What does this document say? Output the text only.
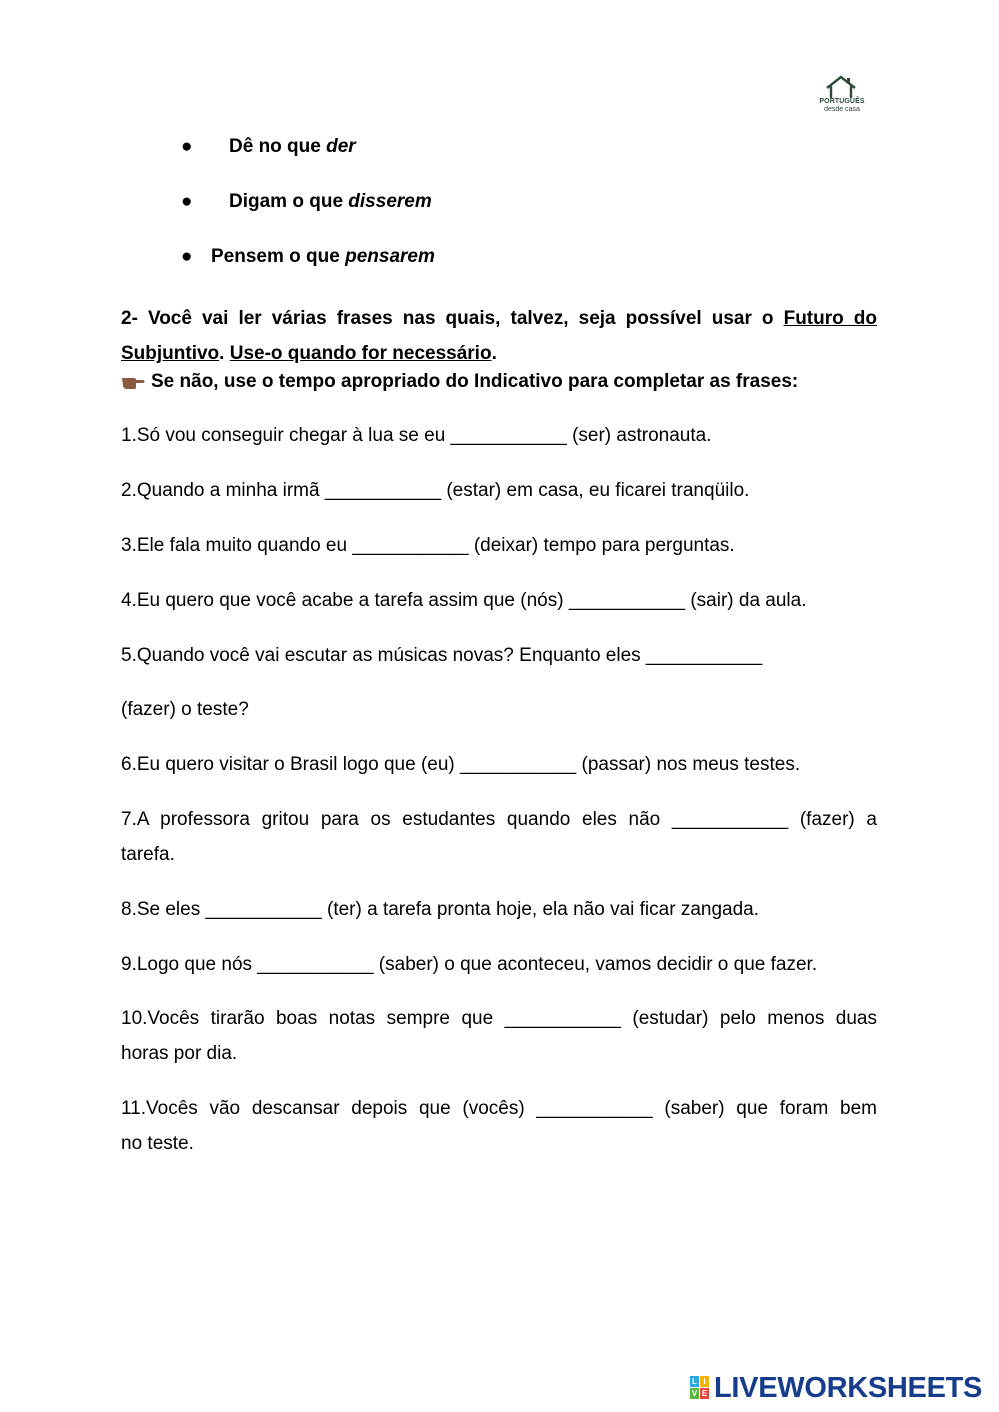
PORTUGUÊS
desde casa
● Dê no que der
● Digam o que disserem
● Pensem o que pensarem
2- Você vai ler várias frases nas quais, talvez, seja possível usar o Futuro do Subjuntivo. Use-o quando for necessário.
Se não, use o tempo apropriado do Indicativo para completar as frases:
1.Só vou conseguir chegar à lua se eu ___________ (ser) astronauta.
2.Quando a minha irmã ___________ (estar) em casa, eu ficarei tranqüilo.
3.Ele fala muito quando eu ___________ (deixar) tempo para perguntas.
4.Eu quero que você acabe a tarefa assim que (nós) ___________ (sair) da aula.
5.Quando você vai escutar as músicas novas? Enquanto eles ___________
(fazer) o teste?
6.Eu quero visitar o Brasil logo que (eu) ___________ (passar) nos meus testes.
7.A professora gritou para os estudantes quando eles não ___________ (fazer) a
tarefa.
8.Se eles ___________ (ter) a tarefa pronta hoje, ela não vai ficar zangada.
9.Logo que nós ___________ (saber) o que aconteceu, vamos decidir o que fazer.
10.Vocês tirarão boas notas sempre que ___________ (estudar) pelo menos duas
horas por dia.
11.Vocês vão descansar depois que (vocês) ___________ (saber) que foram bem
no teste.
L I
V E LIVEWORKSHEETS
